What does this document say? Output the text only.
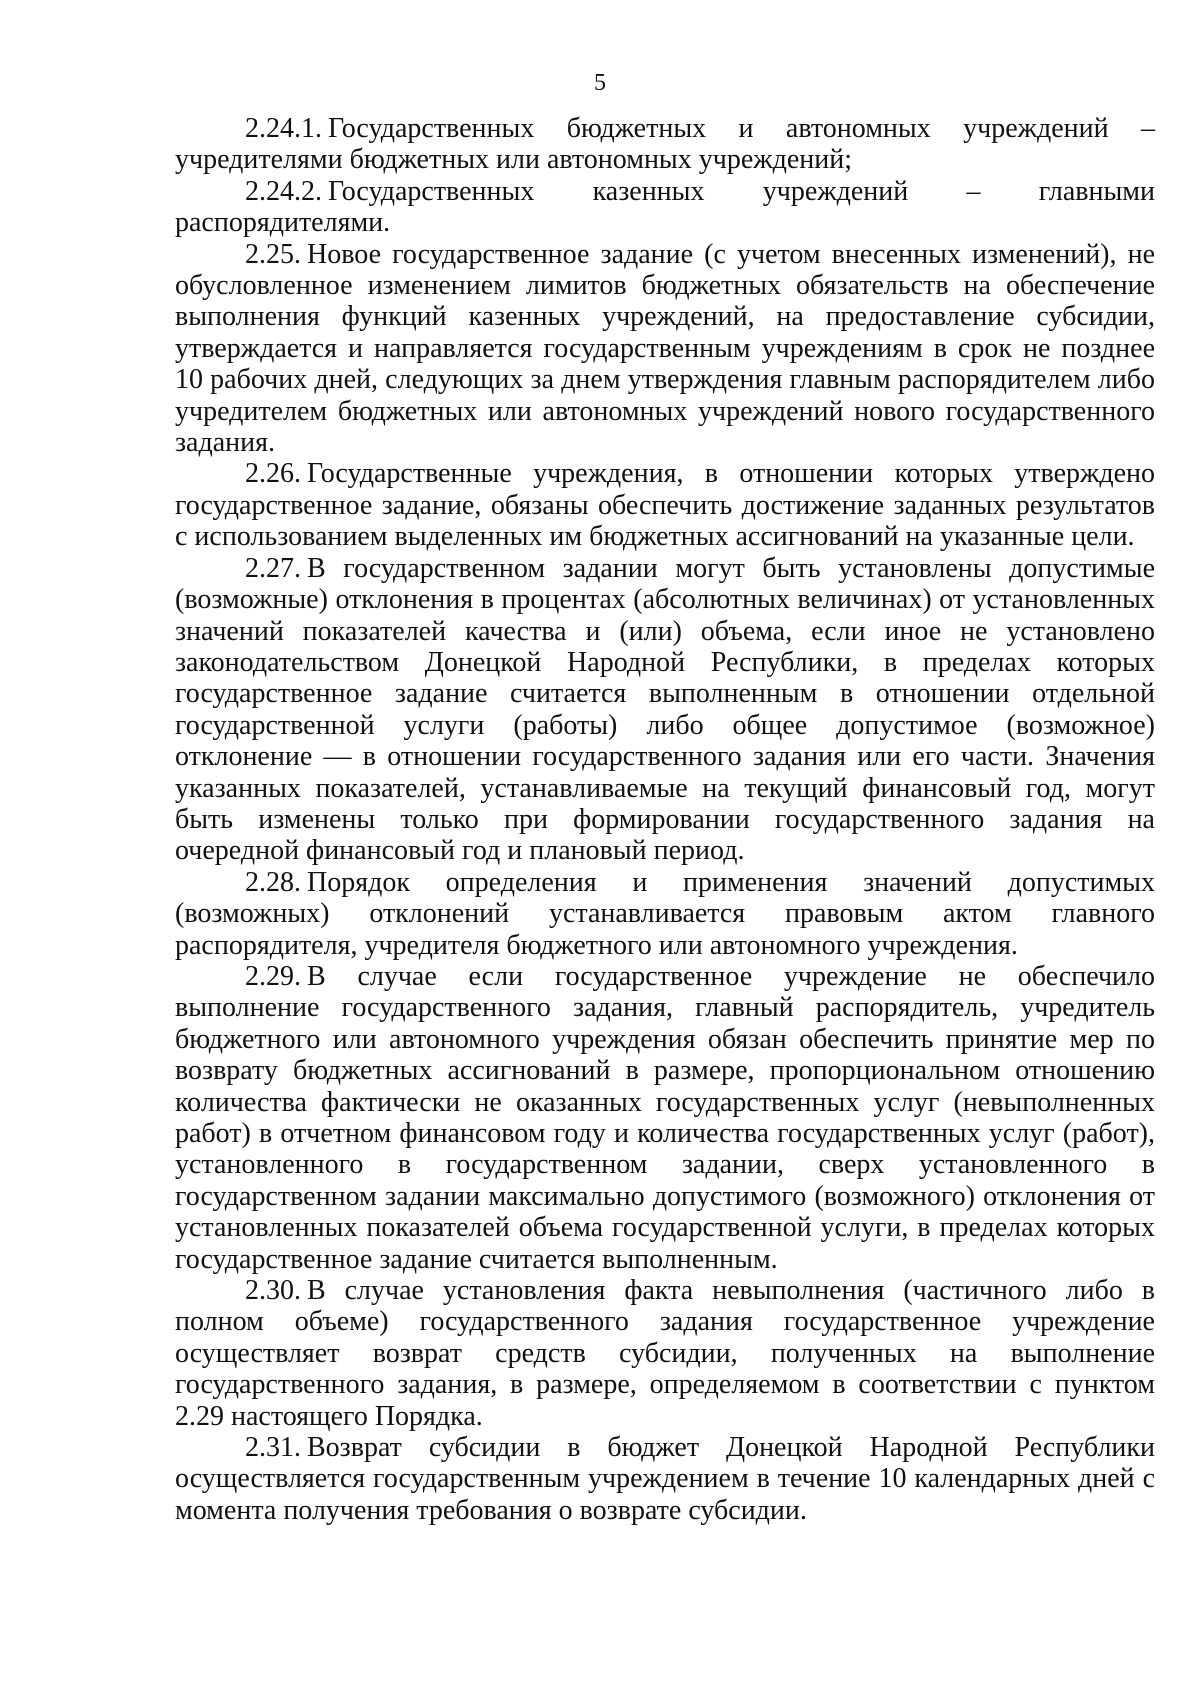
5

2.24.1. Государственных бюджетных и автономных учреждений – учредителями бюджетных или автономных учреждений;

2.24.2. Государственных казенных учреждений – главными распорядителями.

2.25. Новое государственное задание (с учетом внесенных изменений), не обусловленное изменением лимитов бюджетных обязательств на обеспечение выполнения функций казенных учреждений, на предоставление субсидии, утверждается и направляется государственным учреждениям в срок не позднее 10 рабочих дней, следующих за днем утверждения главным распорядителем либо учредителем бюджетных или автономных учреждений нового государственного задания.

2.26. Государственные учреждения, в отношении которых утверждено государственное задание, обязаны обеспечить достижение заданных результатов с использованием выделенных им бюджетных ассигнований на указанные цели.

2.27. В государственном задании могут быть установлены допустимые (возможные) отклонения в процентах (абсолютных величинах) от установленных значений показателей качества и (или) объема, если иное не установлено законодательством Донецкой Народной Республики, в пределах которых государственное задание считается выполненным в отношении отдельной государственной услуги (работы) либо общее допустимое (возможное) отклонение — в отношении государственного задания или его части. Значения указанных показателей, устанавливаемые на текущий финансовый год, могут быть изменены только при формировании государственного задания на очередной финансовый год и плановый период.

2.28. Порядок определения и применения значений допустимых (возможных) отклонений устанавливается правовым актом главного распорядителя, учредителя бюджетного или автономного учреждения.

2.29. В случае если государственное учреждение не обеспечило выполнение государственного задания, главный распорядитель, учредитель бюджетного или автономного учреждения обязан обеспечить принятие мер по возврату бюджетных ассигнований в размере, пропорциональном отношению количества фактически не оказанных государственных услуг (невыполненных работ) в отчетном финансовом году и количества государственных услуг (работ), установленного в государственном задании, сверх установленного в государственном задании максимально допустимого (возможного) отклонения от установленных показателей объема государственной услуги, в пределах которых государственное задание считается выполненным.

2.30. В случае установления факта невыполнения (частичного либо в полном объеме) государственного задания государственное учреждение осуществляет возврат средств субсидии, полученных на выполнение государственного задания, в размере, определяемом в соответствии с пунктом 2.29 настоящего Порядка.

2.31. Возврат субсидии в бюджет Донецкой Народной Республики осуществляется государственным учреждением в течение 10 календарных дней с момента получения требования о возврате субсидии.
